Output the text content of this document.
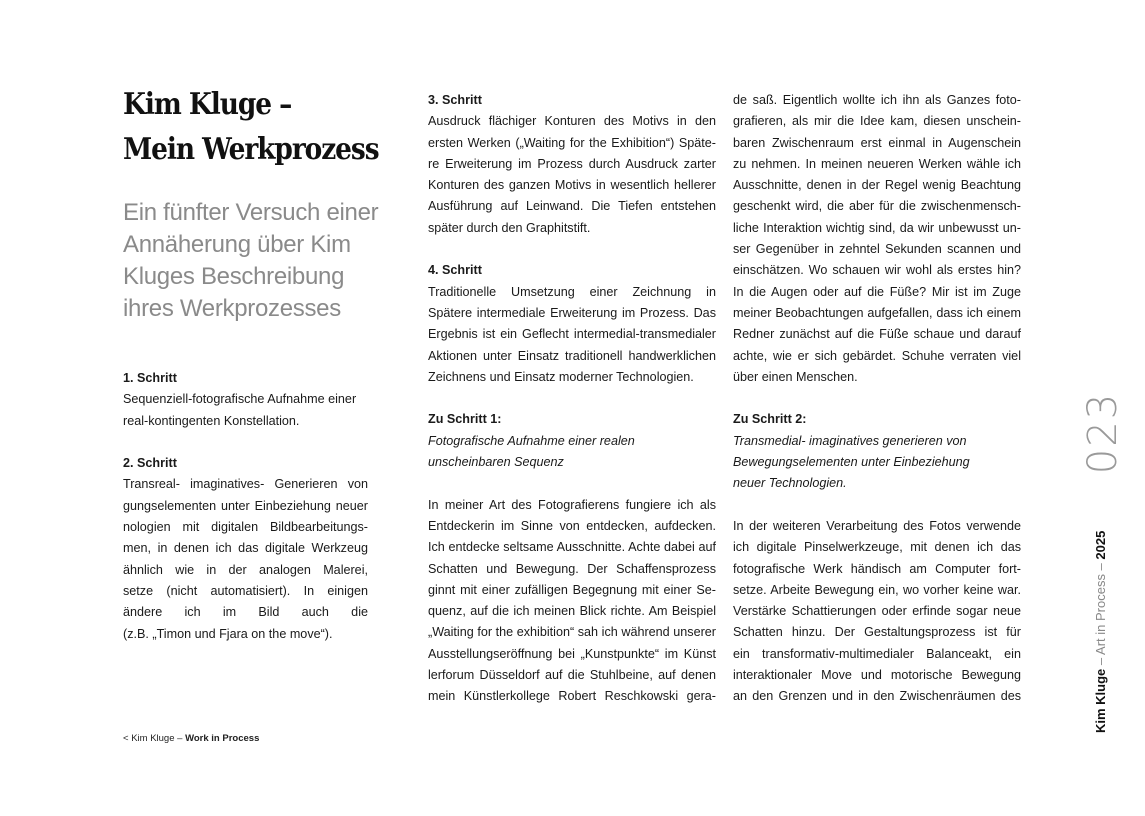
Kim Kluge –
Mein Werkprozess
Ein fünfter Versuch einer
Annäherung über Kim
Kluges Beschreibung
ihres Werkprozesses
1. Schritt
Sequenziell-fotografische Aufnahme einer
real-kontingenten Konstellation.
2. Schritt
Transreal- imaginatives- Generieren von
gungselementen unter Einbeziehung neuer
nologien mit digitalen Bildbearbeitungs-
men, in denen ich das digitale Werkzeug
ähnlich wie in der analogen Malerei,
setze (nicht automatisiert). In einigen
ändere ich im Bild auch die
(z.B. „Timon und Fjara on the move“).
3. Schritt
Ausdruck flächiger Konturen des Motivs in den
ersten Werken („Waiting for the Exhibition“) Späte-
re Erweiterung im Prozess durch Ausdruck zarter
Konturen des ganzen Motivs in wesentlich hellerer
Ausführung auf Leinwand. Die Tiefen entstehen
später durch den Graphitstift.
4. Schritt
Traditionelle Umsetzung einer Zeichnung in
Spätere intermediale Erweiterung im Prozess. Das
Ergebnis ist ein Geflecht intermedial-transmedialer
Aktionen unter Einsatz traditionell handwerklichen
Zeichnens und Einsatz moderner Technologien.
Zu Schritt 1:
Fotografische Aufnahme einer realen
unscheinbaren Sequenz
In meiner Art des Fotografierens fungiere ich als
Entdeckerin im Sinne von entdecken, aufdecken.
Ich entdecke seltsame Ausschnitte. Achte dabei auf
Schatten und Bewegung. Der Schaffensprozess
ginnt mit einer zufälligen Begegnung mit einer Se-
quenz, auf die ich meinen Blick richte. Am Beispiel
„Waiting for the exhibition“ sah ich während unserer
Ausstellungseröffnung bei „Kunstpunkte“ im Künst
lerforum Düsseldorf auf die Stuhlbeine, auf denen
mein Künstlerkollege Robert Reschkowski gera-
de saß. Eigentlich wollte ich ihn als Ganzes foto-
grafieren, als mir die Idee kam, diesen unschein-
baren Zwischenraum erst einmal in Augenschein
zu nehmen. In meinen neueren Werken wähle ich
Ausschnitte, denen in der Regel wenig Beachtung
geschenkt wird, die aber für die zwischenmensch-
liche Interaktion wichtig sind, da wir unbewusst un-
ser Gegenüber in zehntel Sekunden scannen und
einschätzen. Wo schauen wir wohl als erstes hin?
In die Augen oder auf die Füße? Mir ist im Zuge
meiner Beobachtungen aufgefallen, dass ich einem
Redner zunächst auf die Füße schaue und darauf
achte, wie er sich gebärdet. Schuhe verraten viel
über einen Menschen.
Zu Schritt 2:
Transmedial- imaginatives generieren von
Bewegungselementen unter Einbeziehung
neuer Technologien.
In der weiteren Verarbeitung des Fotos verwende
ich digitale Pinselwerkzeuge, mit denen ich das
fotografische Werk händisch am Computer fort-
setze. Arbeite Bewegung ein, wo vorher keine war.
Verstärke Schattierungen oder erfinde sogar neue
Schatten hinzu. Der Gestaltungsprozess ist für
ein transformativ-multimedialer Balanceakt, ein
interaktionaler Move und motorische Bewegung
an den Grenzen und in den Zwischenräumen des
< Kim Kluge – Work in Process
023
Kim Kluge – Art in Process – 2025
